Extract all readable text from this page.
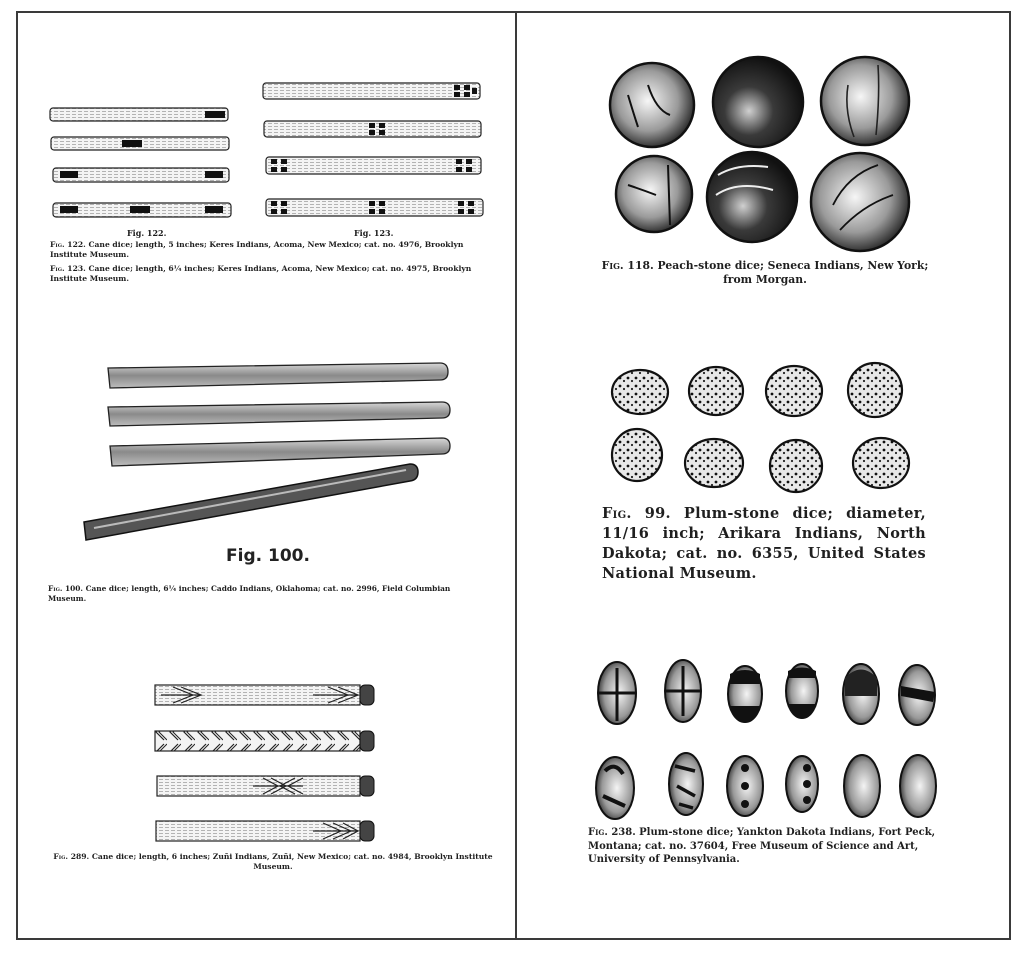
Fig. 122.	Fig. 123.
Fig. 122. Cane dice; length, 5 inches; Keres Indians, Acoma, New Mexico; cat. no. 4976, Brooklyn Institute Museum.
Fig. 123. Cane dice; length, 6¼ inches; Keres Indians, Acoma, New Mexico; cat. no. 4975, Brooklyn Institute Museum.
Fig. 100.
Fig. 100. Cane dice; length, 6¼ inches; Caddo Indians, Oklahoma; cat. no. 2996, Field Columbian Museum.
Fig. 289. Cane dice; length, 6 inches; Zuñi Indians, Zuñi, New Mexico; cat. no. 4984, Brooklyn Institute Museum.
Fig. 118. Peach-stone dice; Seneca Indians, New York; from Morgan.
Fig. 99. Plum-stone dice; diameter, 11/16 inch; Arikara Indians, North Dakota; cat. no. 6355, United States National Museum.
Fig. 238. Plum-stone dice; Yankton Dakota Indians, Fort Peck, Montana; cat. no. 37604, Free Museum of Science and Art, University of Pennsylvania.
